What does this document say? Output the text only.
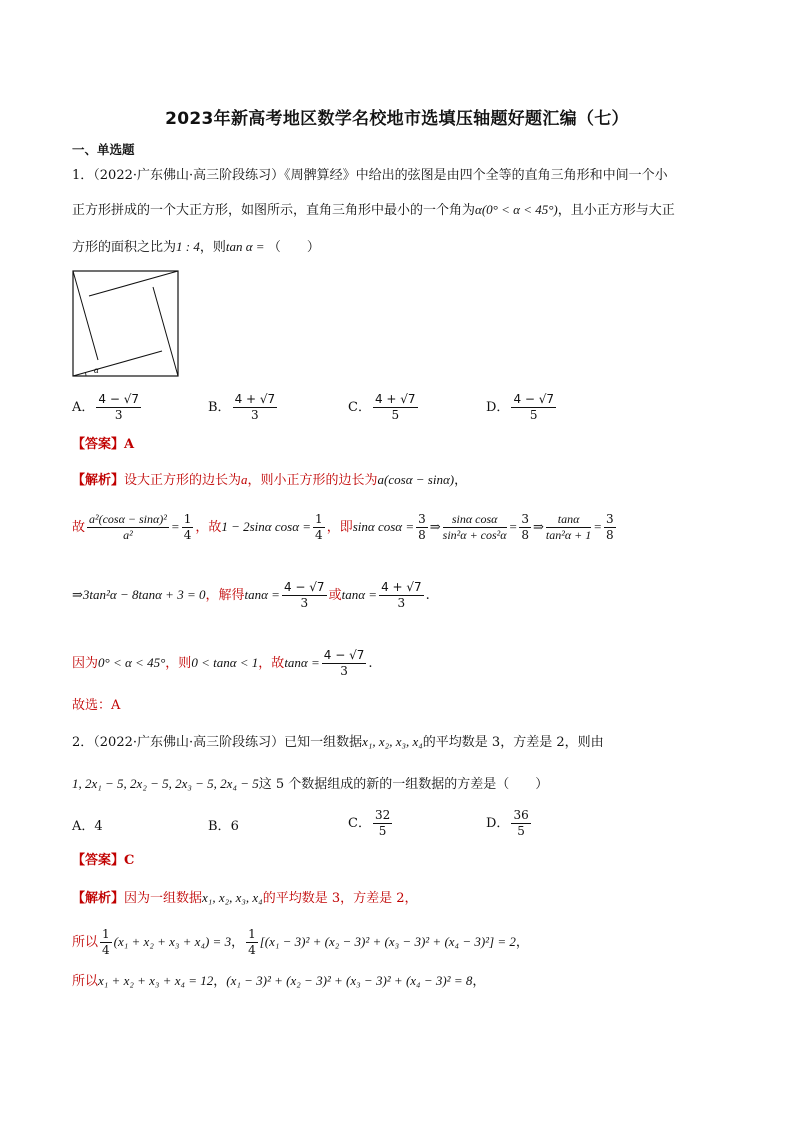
2023年新高考地区数学名校地市选填压轴题好题汇编（七）
一、单选题
1．（2022·广东佛山·高三阶段练习）《周髀算经》中给出的弦图是由四个全等的直角三角形和中间一个小
正方形拼成的一个大正方形，如图所示，直角三角形中最小的一个角为α(0° < α < 45°)，且小正方形与大正
方形的面积之比为1 : 4，则tan α = （　　）
α
A． $\frac{4 - √7}{3}$	B． $\frac{4 + √7}{3}$	C． $\frac{4 + √7}{5}$	D． $\frac{4 - √7}{5}$
【答案】A
【解析】设大正方形的边长为a，则小正方形的边长为a(cosα − sinα)，
故 $\frac{\text{a²(cosα − sinα)²}}{\text{a²}} = \frac{1}{4}$ ，故1 − 2sinα $\cos\alpha = \frac{1}{4}$ ，即sinα $\cos\alpha = \frac{3}{8}$ ⇒ $\frac{\text{sinα cosα}}{\text{sin²α + cos²α}} = \frac{3}{8}$ ⇒ $\frac{\tan\alpha}{\text{tan²α + 1}} = \frac{3}{8}$
⇒3tan²α − 8tanα + 3 = 0，解得$\tan\alpha = \frac{4 - √7}{3}$ 或$\tan\alpha = \frac{4 + √7}{3}$ .
因为0° < α < 45°，则0 < tanα < 1，故$\tan\alpha = \frac{4 - √7}{3}$ .
故选：A
2．（2022·广东佛山·高三阶段练习）已知一组数据x₁, x₂, x₃, x₄的平均数是 3，方差是 2，则由
1, 2x₁ − 5, 2x₂ − 5, 2x₃ − 5, 2x₄ − 5这 5 个数据组成的新的一组数据的方差是（　　）
A．4	B．6	C． $\frac{32}{5}$	D． $\frac{36}{5}$
【答案】C
【解析】因为一组数据x₁, x₂, x₃, x₄的平均数是 3，方差是 2，
所以 $\frac{1}{4} (x_1 + x_2 + x_3 + x_4) = 3$， $\frac{1}{4} [(x_1 - 3)^2 + (x_2 - 3)^2 + (x_3 - 3)^2 + (x_4 - 3)^2] = 2$，
所以x₁ + x₂ + x₃ + x₄ = 12，(x₁ − 3)² + (x₂ − 3)² + (x₃ − 3)² + (x₄ − 3)² = 8，
